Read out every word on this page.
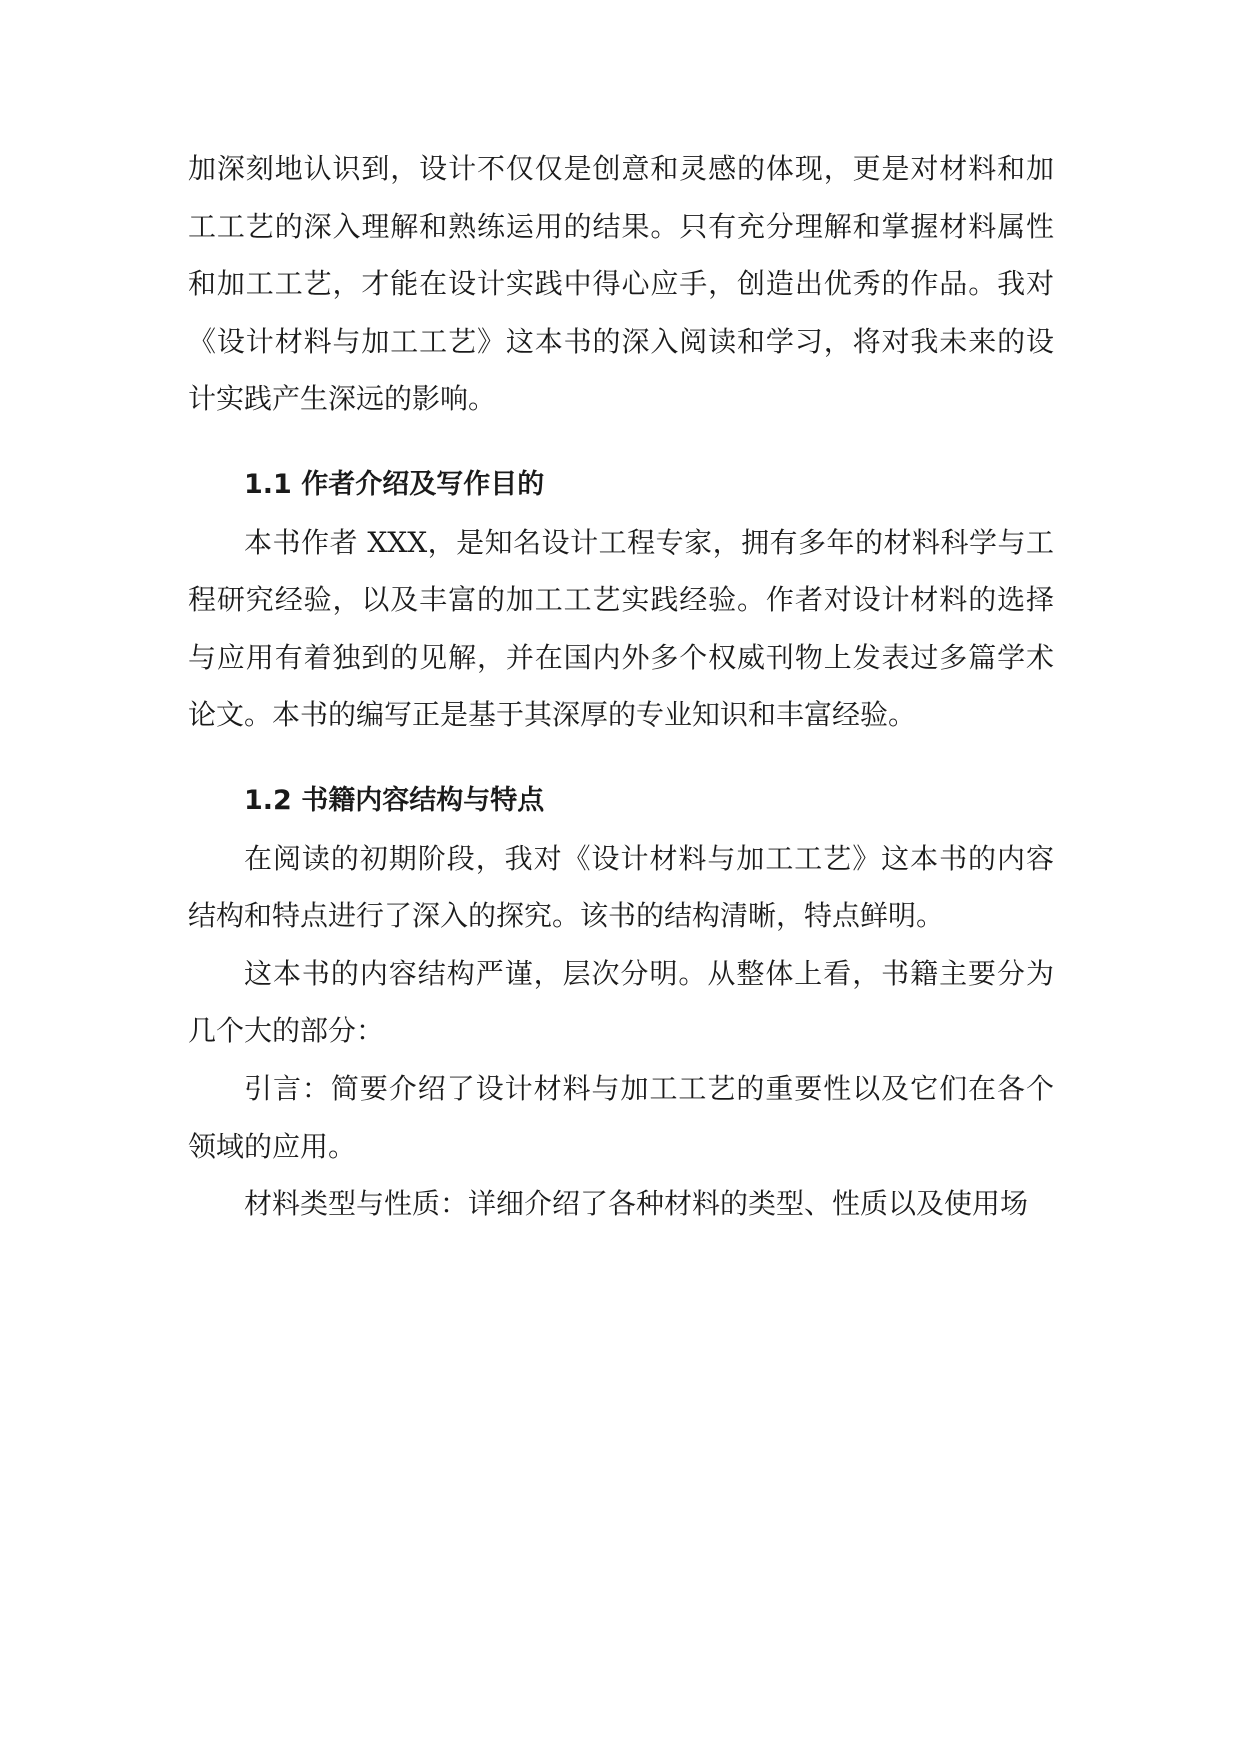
加深刻地认识到，设计不仅仅是创意和灵感的体现，更是对材料和加工工艺的深入理解和熟练运用的结果。只有充分理解和掌握材料属性和加工工艺，才能在设计实践中得心应手，创造出优秀的作品。我对《设计材料与加工工艺》这本书的深入阅读和学习，将对我未来的设计实践产生深远的影响。

1.1 作者介绍及写作目的

本书作者 XXX，是知名设计工程专家，拥有多年的材料科学与工程研究经验，以及丰富的加工工艺实践经验。作者对设计材料的选择与应用有着独到的见解，并在国内外多个权威刊物上发表过多篇学术论文。本书的编写正是基于其深厚的专业知识和丰富经验。

1.2 书籍内容结构与特点

在阅读的初期阶段，我对《设计材料与加工工艺》这本书的内容结构和特点进行了深入的探究。该书的结构清晰，特点鲜明。

这本书的内容结构严谨，层次分明。从整体上看，书籍主要分为几个大的部分：

引言：简要介绍了设计材料与加工工艺的重要性以及它们在各个领域的应用。

材料类型与性质：详细介绍了各种材料的类型、性质以及使用场
